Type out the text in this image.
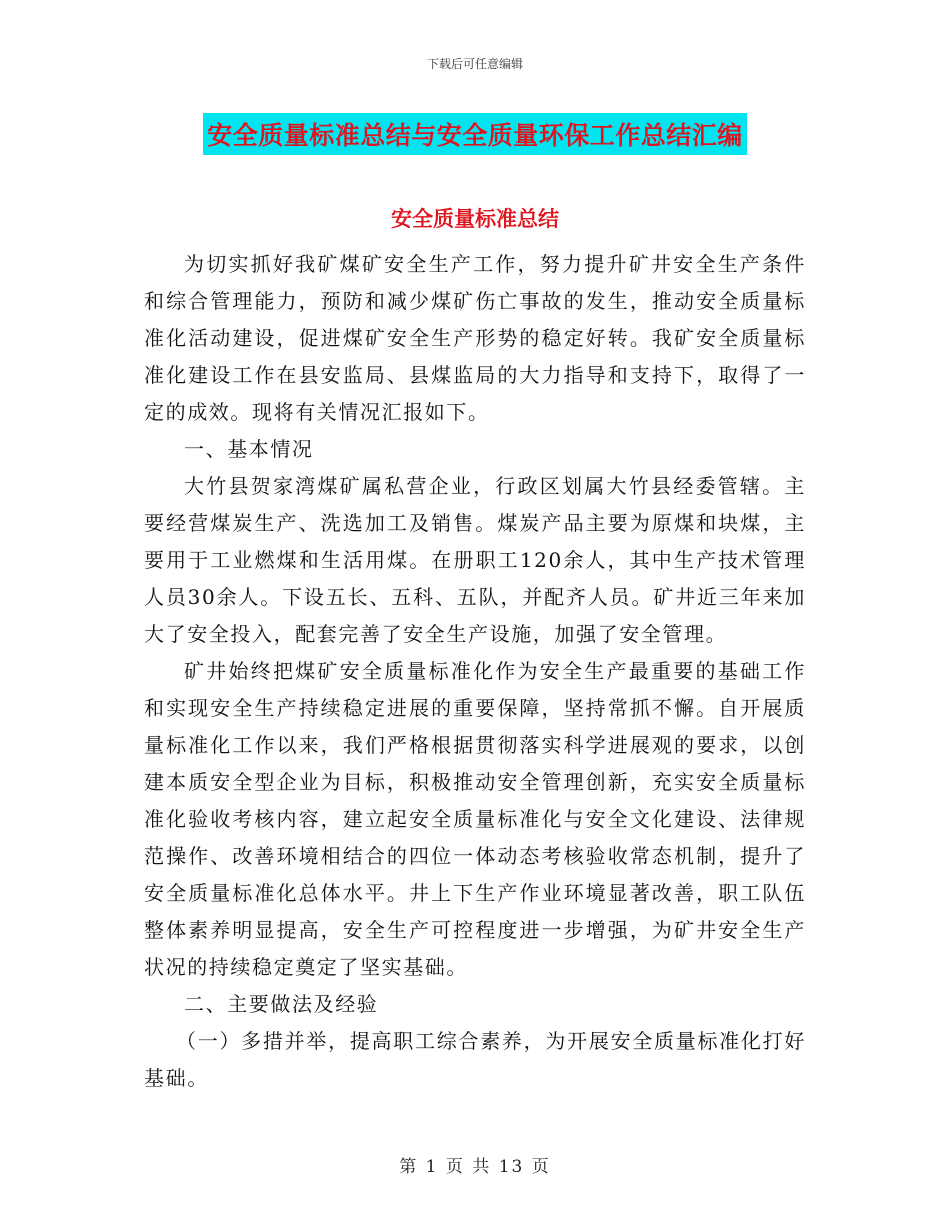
下载后可任意编辑
安全质量标准总结与安全质量环保工作总结汇编
安全质量标准总结

为切实抓好我矿煤矿安全生产工作，努力提升矿井安全生产条件和综合管理能力，预防和减少煤矿伤亡事故的发生，推动安全质量标准化活动建设，促进煤矿安全生产形势的稳定好转。我矿安全质量标准化建设工作在县安监局、县煤监局的大力指导和支持下，取得了一定的成效。现将有关情况汇报如下。

一、基本情况

大竹县贺家湾煤矿属私营企业，行政区划属大竹县经委管辖。主要经营煤炭生产、洗选加工及销售。煤炭产品主要为原煤和块煤，主要用于工业燃煤和生活用煤。在册职工120余人，其中生产技术管理人员30余人。下设五长、五科、五队，并配齐人员。矿井近三年来加大了安全投入，配套完善了安全生产设施，加强了安全管理。

矿井始终把煤矿安全质量标准化作为安全生产最重要的基础工作和实现安全生产持续稳定进展的重要保障，坚持常抓不懈。自开展质量标准化工作以来，我们严格根据贯彻落实科学进展观的要求，以创建本质安全型企业为目标，积极推动安全管理创新，充实安全质量标准化验收考核内容，建立起安全质量标准化与安全文化建设、法律规范操作、改善环境相结合的四位一体动态考核验收常态机制，提升了安全质量标准化总体水平。井上下生产作业环境显著改善，职工队伍整体素养明显提高，安全生产可控程度进一步增强，为矿井安全生产状况的持续稳定奠定了坚实基础。

二、主要做法及经验

（一）多措并举，提高职工综合素养，为开展安全质量标准化打好基础。

第 1 页 共 13 页
